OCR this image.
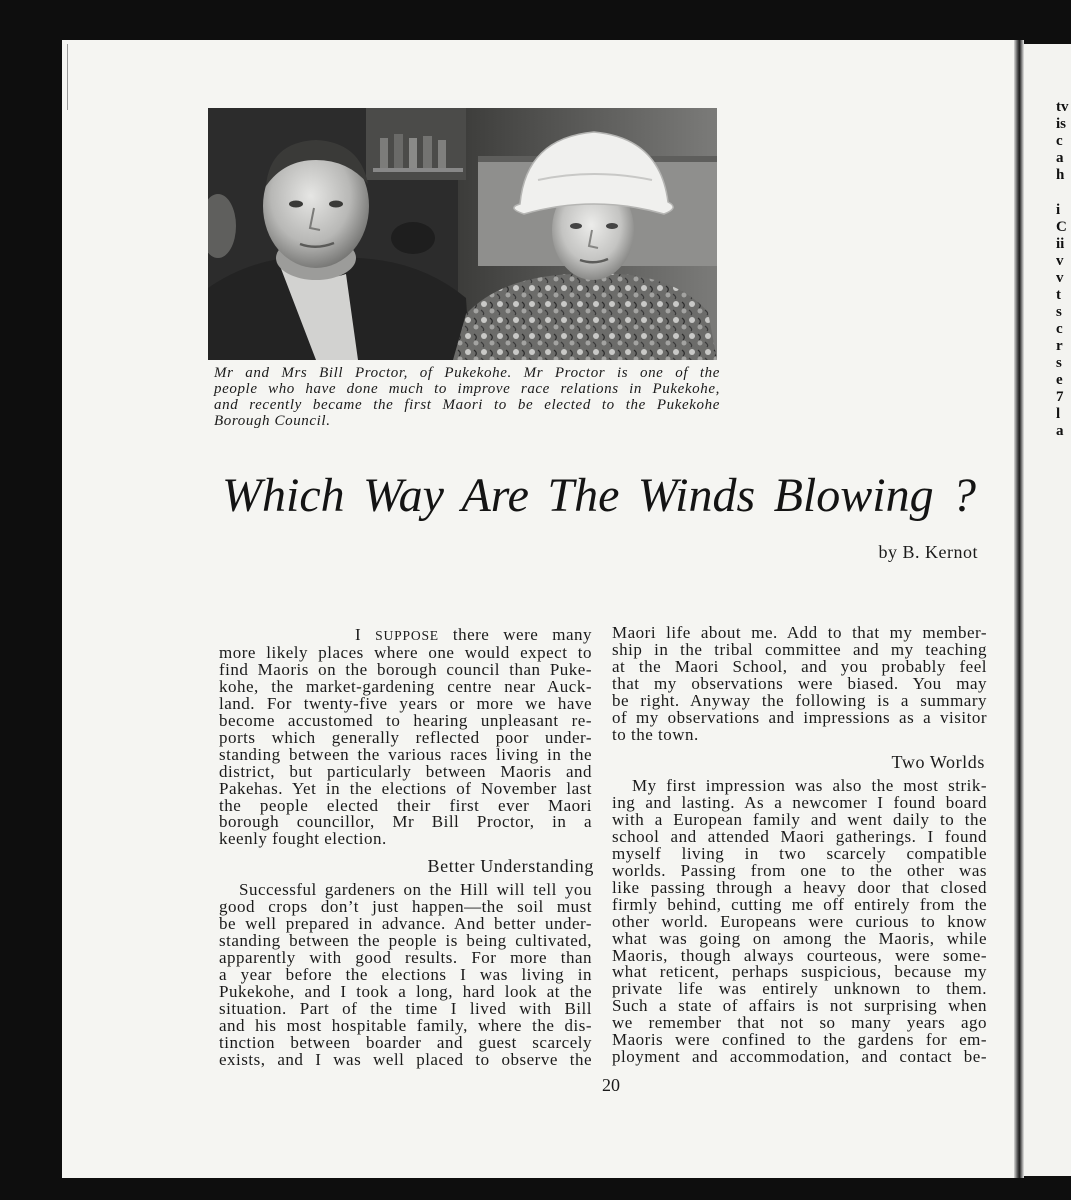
Mr and Mrs Bill Proctor, of Pukekohe. Mr Proctor is one of the
people who have done much to improve race relations in Pukekohe,
and recently became the first Maori to be elected to the Pukekohe
Borough Council.
Which Way Are The Winds Blowing ?
by B. Kernot
I SUPPOSE there were many
more likely places where one would expect to
find Maoris on the borough council than Puke-
kohe, the market-gardening centre near Auck-
land. For twenty-five years or more we have
become accustomed to hearing unpleasant re-
ports which generally reflected poor under-
standing between the various races living in the
district, but particularly between Maoris and
Pakehas. Yet in the elections of November last
the people elected their first ever Maori
borough councillor, Mr Bill Proctor, in a
keenly fought election.
Better Understanding
Successful gardeners on the Hill will tell you
good crops don’t just happen—the soil must
be well prepared in advance. And better under-
standing between the people is being cultivated,
apparently with good results. For more than
a year before the elections I was living in
Pukekohe, and I took a long, hard look at the
situation. Part of the time I lived with Bill
and his most hospitable family, where the dis-
tinction between boarder and guest scarcely
exists, and I was well placed to observe the
Maori life about me. Add to that my member-
ship in the tribal committee and my teaching
at the Maori School, and you probably feel
that my observations were biased. You may
be right. Anyway the following is a summary
of my observations and impressions as a visitor
to the town.
Two Worlds
My first impression was also the most strik-
ing and lasting. As a newcomer I found board
with a European family and went daily to the
school and attended Maori gatherings. I found
myself living in two scarcely compatible
worlds. Passing from one to the other was
like passing through a heavy door that closed
firmly behind, cutting me off entirely from the
other world. Europeans were curious to know
what was going on among the Maoris, while
Maoris, though always courteous, were some-
what reticent, perhaps suspicious, because my
private life was entirely unknown to them.
Such a state of affairs is not surprising when
we remember that not so many years ago
Maoris were confined to the gardens for em-
ployment and accommodation, and contact be-
20
tv
is
c
a
h
i
C
ii
v
v
t
s
c
r
s
e
7
l
a
